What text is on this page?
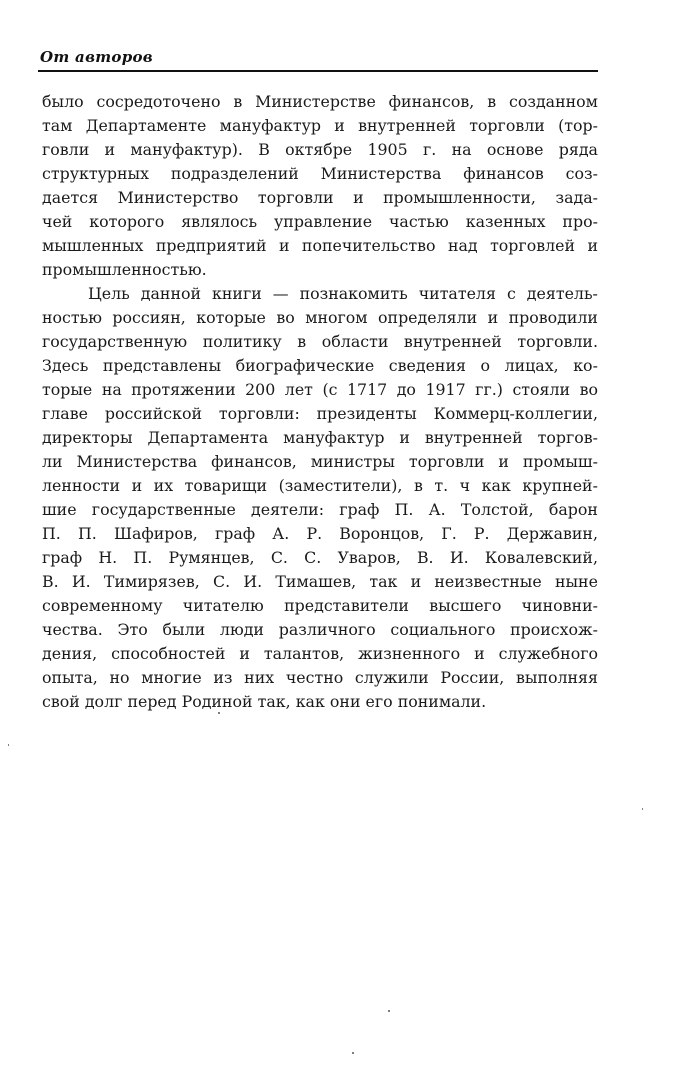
От авторов
было сосредоточено в Министерстве финансов, в созданном
там Департаменте мануфактур и внутренней торговли (тор-
говли и мануфактур). В октябре 1905 г. на основе ряда
структурных подразделений Министерства финансов соз-
дается Министерство торговли и промышленности, зада-
чей которого являлось управление частью казенных про-
мышленных предприятий и попечительство над торговлей и
промышленностью.
Цель данной книги — познакомить читателя с деятель-
ностью россиян, которые во многом определяли и проводили
государственную политику в области внутренней торговли.
Здесь представлены биографические сведения о лицах, ко-
торые на протяжении 200 лет (с 1717 до 1917 гг.) стояли во
главе российской торговли: президенты Коммерц-коллегии,
директоры Департамента мануфактур и внутренней торгов-
ли Министерства финансов, министры торговли и промыш-
ленности и их товарищи (заместители), в т. ч как крупней-
шие государственные деятели: граф П. А. Толстой, барон
П. П. Шафиров, граф А. Р. Воронцов, Г. Р. Державин,
граф Н. П. Румянцев, С. С. Уваров, В. И. Ковалевский,
В. И. Тимирязев, С. И. Тимашев, так и неизвестные ныне
современному читателю представители высшего чиновни-
чества. Это были люди различного социального происхож-
дения, способностей и талантов, жизненного и служебного
опыта, но многие из них честно служили России, выполняя
свой долг перед Родиной так, как они его понимали.
